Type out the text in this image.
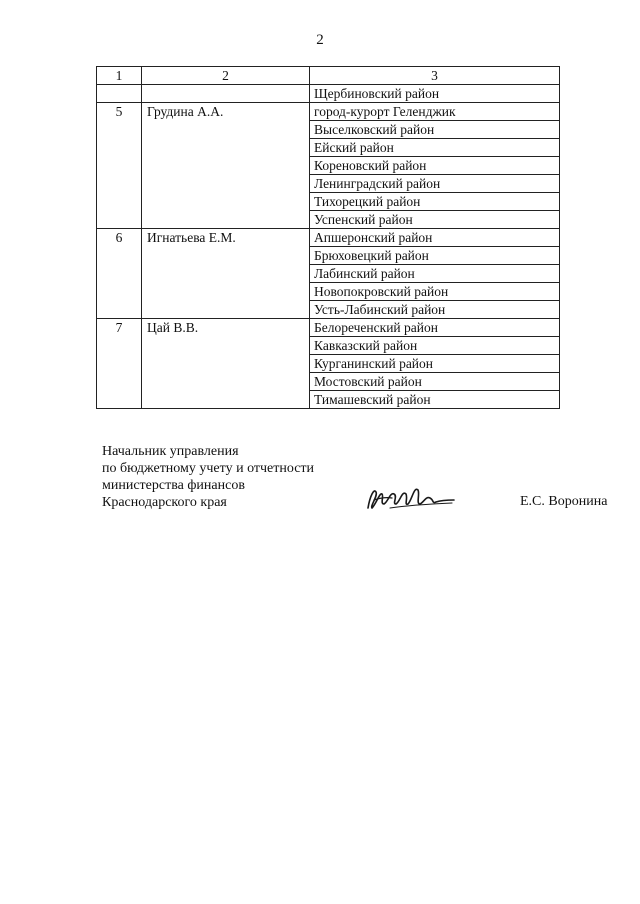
2
1	2	3
		Щербиновский район
5	Грудина А.А.	город-курорт Геленджик
		Выселковский район
		Ейский район
		Кореновский район
		Ленинградский район
		Тихорецкий район
		Успенский район
6	Игнатьева Е.М.	Апшеронский район
		Брюховецкий район
		Лабинский район
		Новопокровский район
		Усть-Лабинский район
7	Цай В.В.	Белореченский район
		Кавказский район
		Курганинский район
		Мостовский район
		Тимашевский район
Начальник управления
по бюджетному учету и отчетности
министерства финансов
Краснодарского края	Е.С. Воронина
